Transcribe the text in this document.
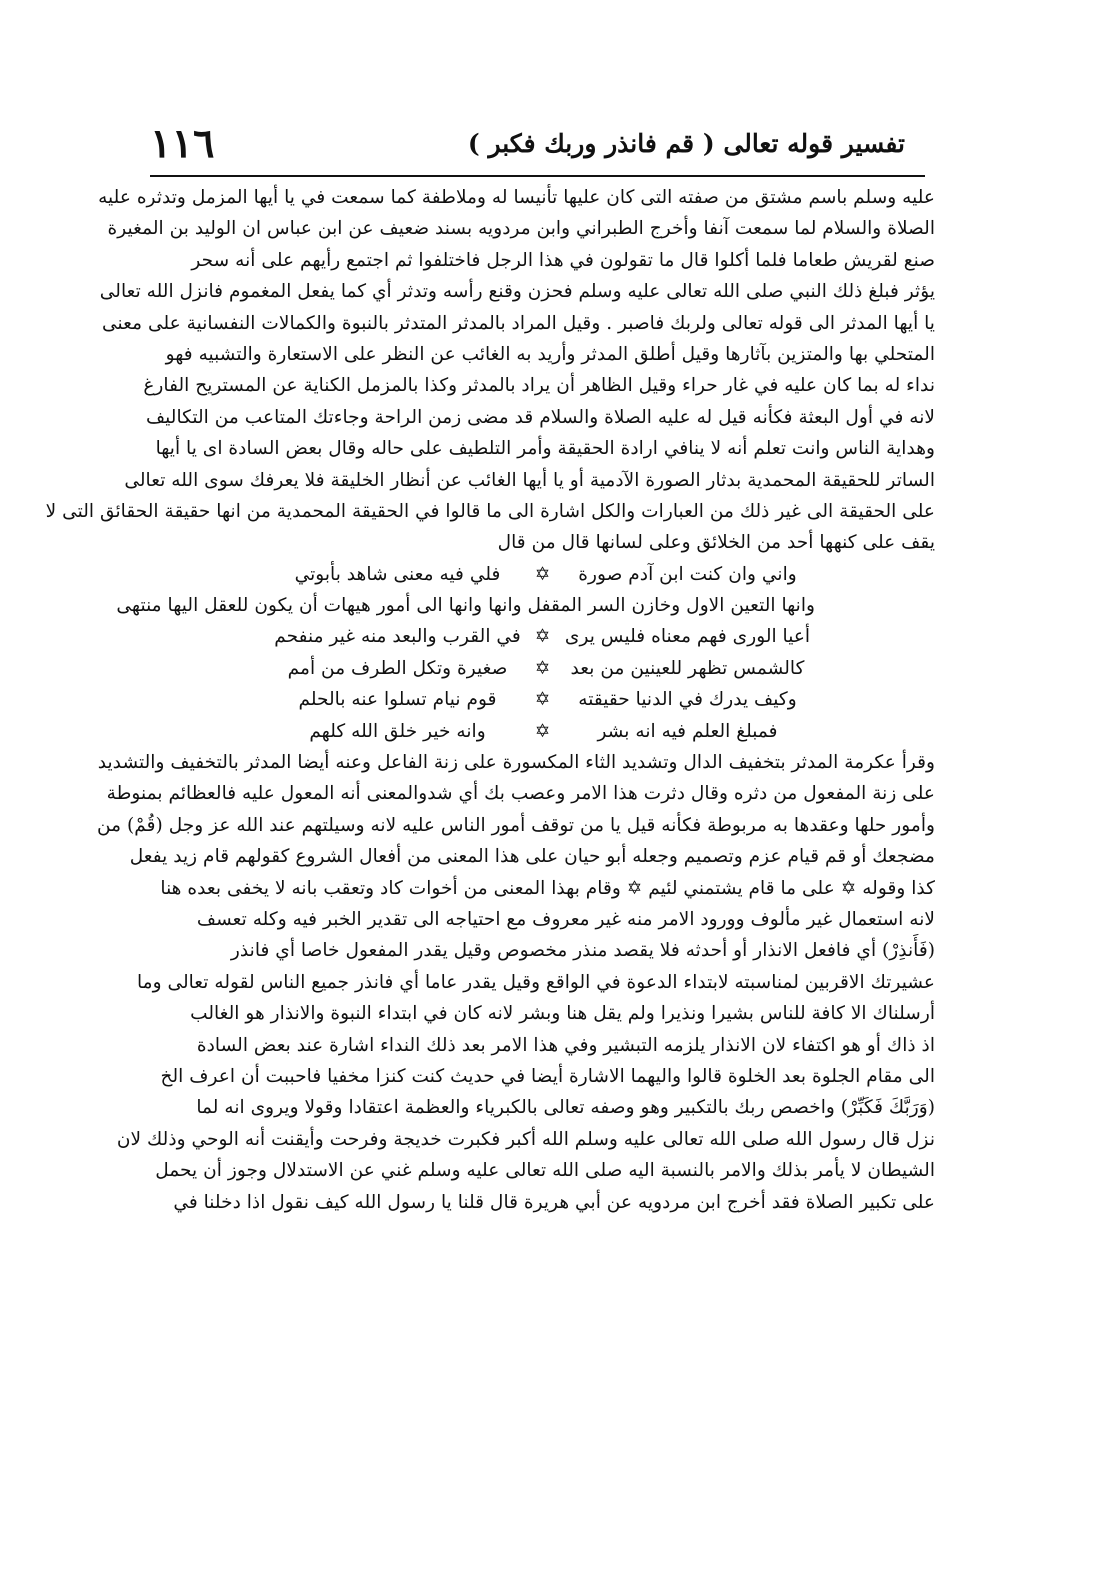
تفسير قوله تعالى ( قم فانذر وربك فكبر )
١١٦
عليه وسلم باسم مشتق من صفته التى كان عليها تأنيسا له وملاطفة كما سمعت في يا أيها المزمل وتدثره عليه
الصلاة والسلام لما سمعت آنفا وأخرج الطبراني وابن مردويه بسند ضعيف عن ابن عباس ان الوليد بن المغيرة
صنع لقريش طعاما فلما أكلوا قال ما تقولون في هذا الرجل فاختلفوا ثم اجتمع رأيهم على أنه سحر
يؤثر فبلغ ذلك النبي صلى الله تعالى عليه وسلم فحزن وقنع رأسه وتدثر أي كما يفعل المغموم فانزل الله تعالى
يا أيها المدثر الى قوله تعالى ولربك فاصبر . وقيل المراد بالمدثر المتدثر بالنبوة والكمالات النفسانية على معنى
المتحلي بها والمتزين بآثارها وقيل أطلق المدثر وأريد به الغائب عن النظر على الاستعارة والتشبيه فهو
نداء له بما كان عليه في غار حراء وقيل الظاهر أن يراد بالمدثر وكذا بالمزمل الكناية عن المستريح الفارغ
لانه في أول البعثة فكأنه قيل له عليه الصلاة والسلام قد مضى زمن الراحة وجاءتك المتاعب من التكاليف
وهداية الناس وانت تعلم أنه لا ينافي ارادة الحقيقة وأمر التلطيف على حاله وقال بعض السادة اى يا أيها
الساتر للحقيقة المحمدية بدثار الصورة الآدمية أو يا أيها الغائب عن أنظار الخليقة فلا يعرفك سوى الله تعالى
على الحقيقة الى غير ذلك من العبارات والكل اشارة الى ما قالوا في الحقيقة المحمدية من انها حقيقة الحقائق التى لا
يقف على كنهها أحد من الخلائق وعلى لسانها قال من قال
واني وان كنت ابن آدم صورة
✡
فلي فيه معنى شاهد بأبوتي
وانها التعين الاول وخازن السر المقفل وانها وانها الى أمور هيهات أن يكون للعقل اليها منتهى
أعيا الورى فهم معناه فليس يرى
✡
في القرب والبعد منه غير منفحم
كالشمس تظهر للعينين من بعد
✡
صغيرة وتكل الطرف من أمم
وكيف يدرك في الدنيا حقيقته
✡
قوم نيام تسلوا عنه بالحلم
فمبلغ العلم فيه انه بشر
✡
وانه خير خلق الله كلهم
وقرأ عكرمة المدثر بتخفيف الدال وتشديد الثاء المكسورة على زنة الفاعل وعنه أيضا المدثر بالتخفيف والتشديد
على زنة المفعول من دثره وقال دثرت هذا الامر وعصب بك أي شدوالمعنى أنه المعول عليه فالعظائم بمنوطة
وأمور حلها وعقدها به مربوطة فكأنه قيل يا من توقف أمور الناس عليه لانه وسيلتهم عند الله عز وجل (قُمْ) من
مضجعك أو قم قيام عزم وتصميم وجعله أبو حيان على هذا المعنى من أفعال الشروع كقولهم قام زيد يفعل
كذا وقوله ✡ على ما قام يشتمني لئيم ✡ وقام بهذا المعنى من أخوات كاد وتعقب بانه لا يخفى بعده هنا
لانه استعمال غير مألوف وورود الامر منه غير معروف مع احتياجه الى تقدير الخبر فيه وكله تعسف
(فَأَنذِرْ) أي فافعل الانذار أو أحدثه فلا يقصد منذر مخصوص وقيل يقدر المفعول خاصا أي فانذر
عشيرتك الاقربين لمناسبته لابتداء الدعوة في الواقع وقيل يقدر عاما أي فانذر جميع الناس لقوله تعالى وما
أرسلناك الا كافة للناس بشيرا ونذيرا ولم يقل هنا وبشر لانه كان في ابتداء النبوة والانذار هو الغالب
اذ ذاك أو هو اكتفاء لان الانذار يلزمه التبشير وفي هذا الامر بعد ذلك النداء اشارة عند بعض السادة
الى مقام الجلوة بعد الخلوة قالوا واليهما الاشارة أيضا في حديث كنت كنزا مخفيا فاحببت أن اعرف الخ
(وَرَبَّكَ فَكَبِّرْ) واخصص ربك بالتكبير وهو وصفه تعالى بالكبرياء والعظمة اعتقادا وقولا ويروى انه لما
نزل قال رسول الله صلى الله تعالى عليه وسلم الله أكبر فكبرت خديجة وفرحت وأيقنت أنه الوحي وذلك لان
الشيطان لا يأمر بذلك والامر بالنسبة اليه صلى الله تعالى عليه وسلم غني عن الاستدلال وجوز أن يحمل
على تكبير الصلاة فقد أخرج ابن مردويه عن أبي هريرة قال قلنا يا رسول الله كيف نقول اذا دخلنا في
